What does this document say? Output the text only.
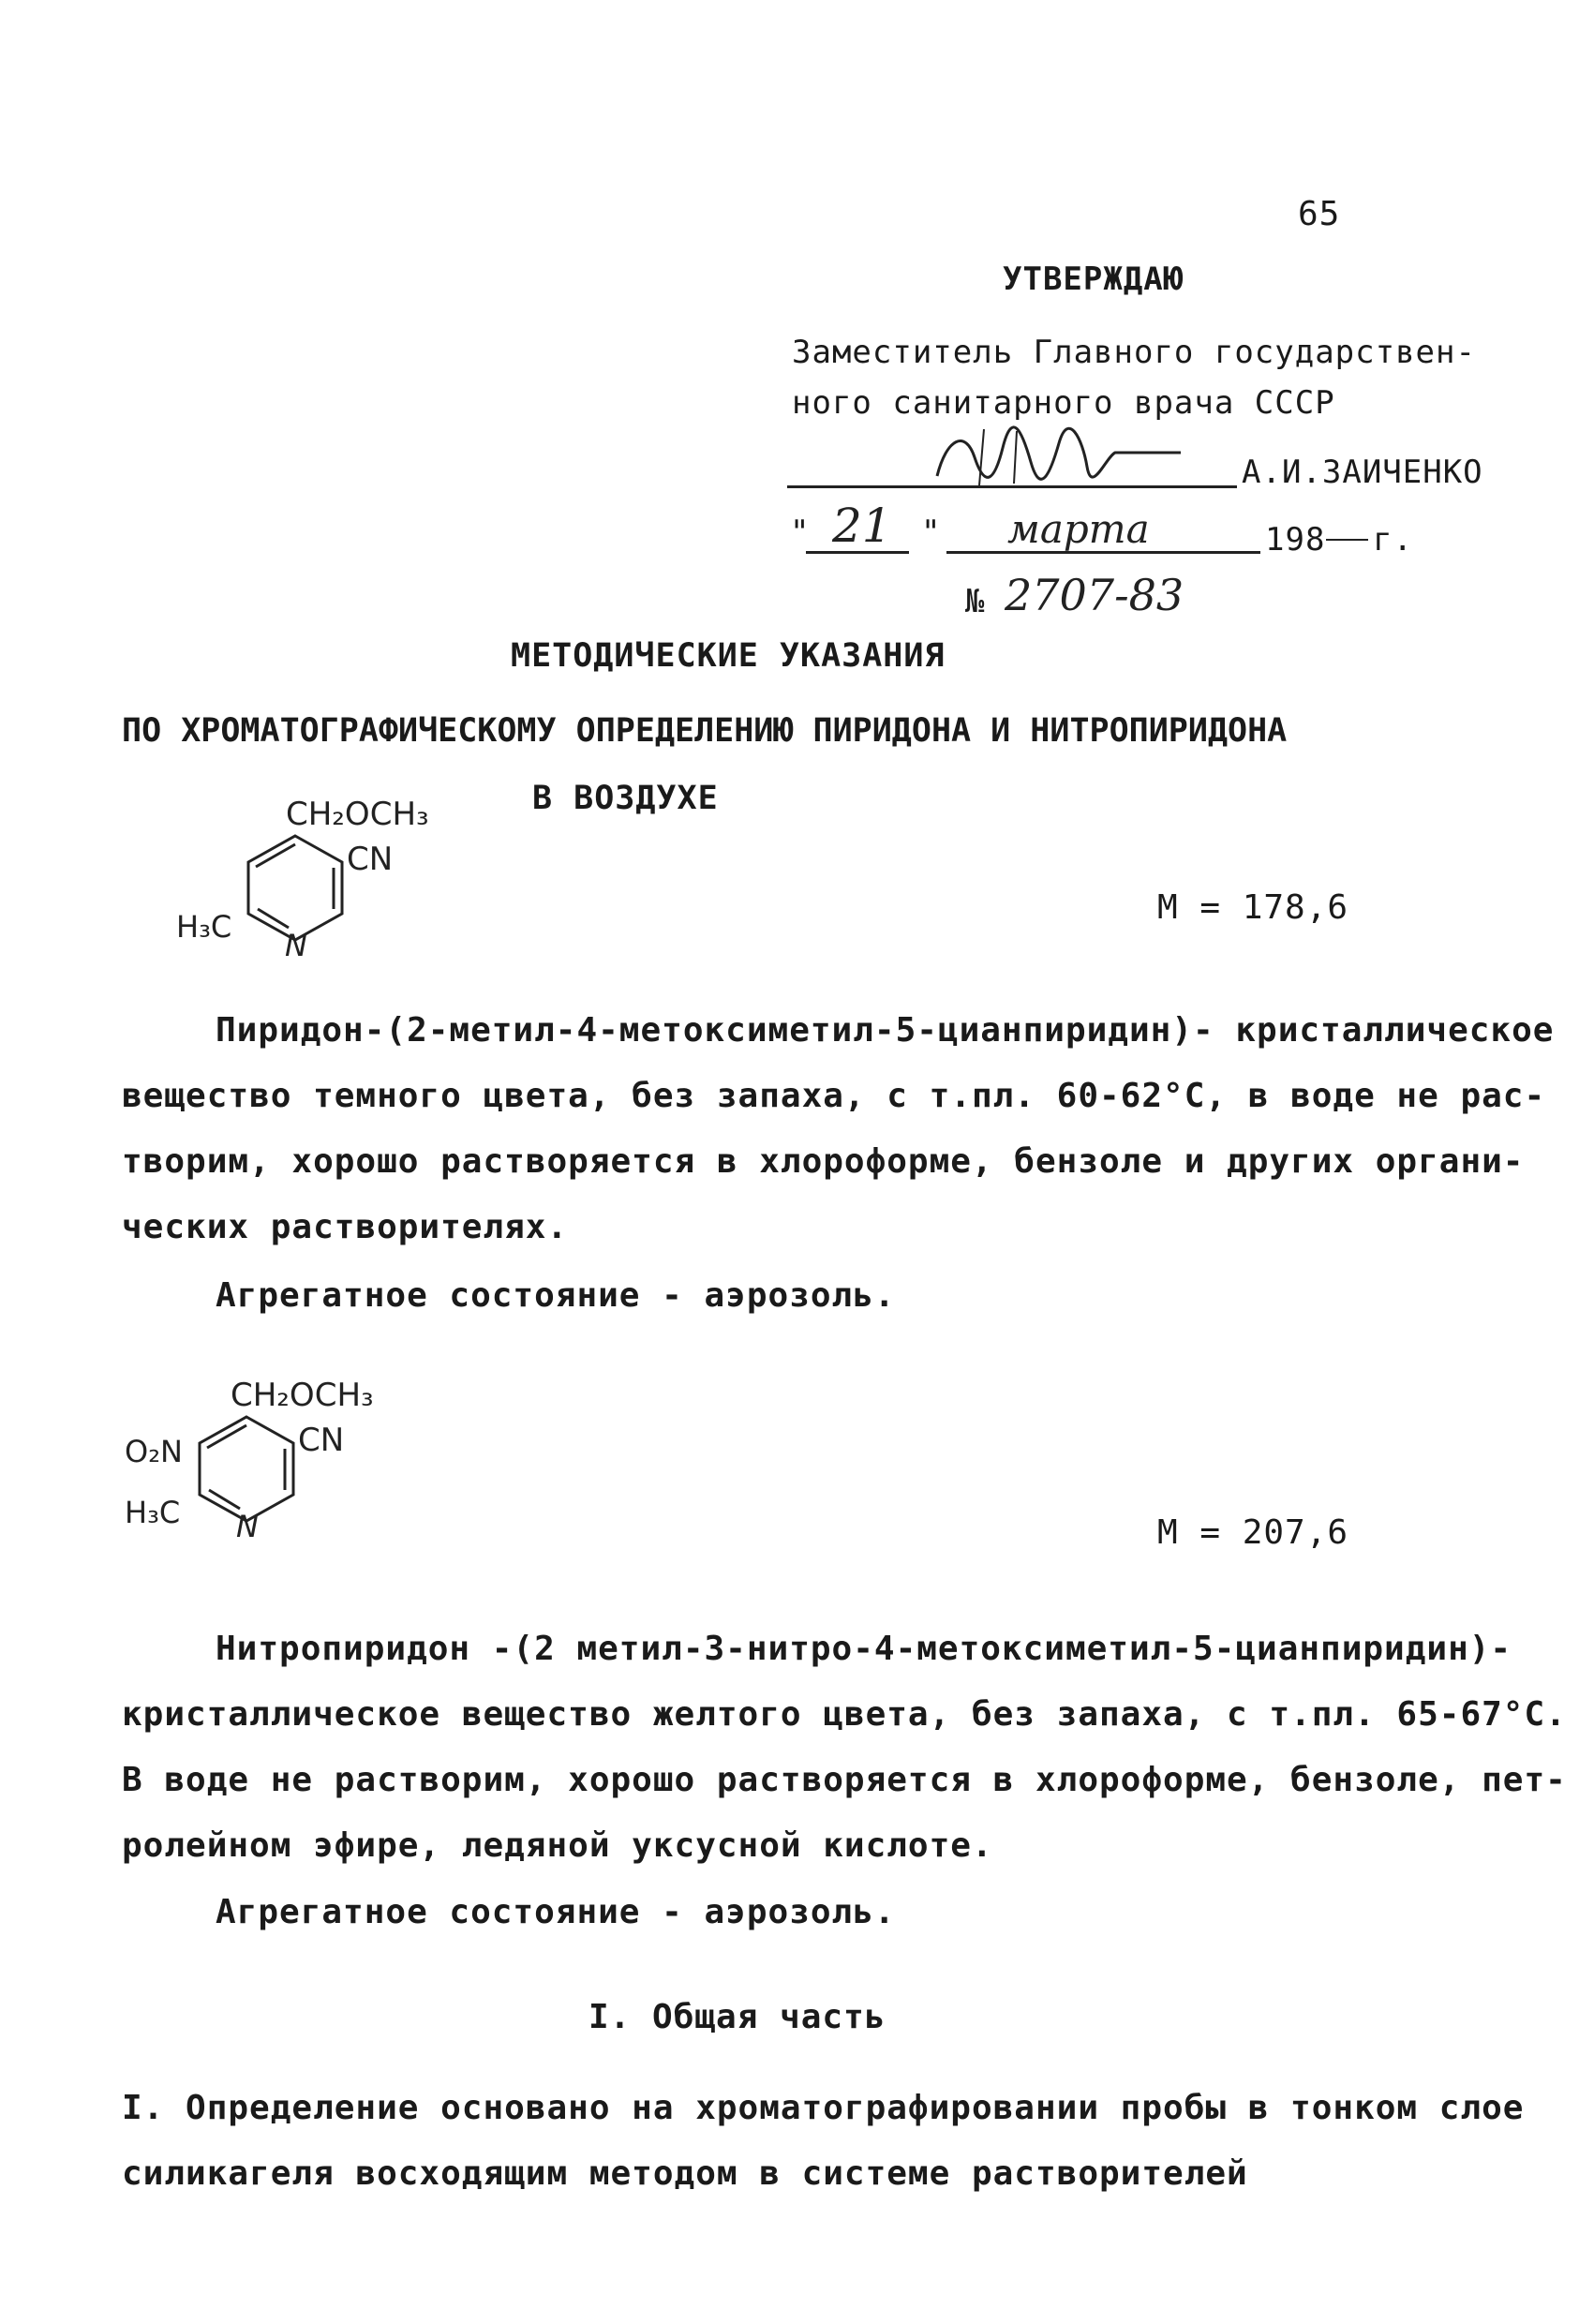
65
УТВЕРЖДАЮ
Заместитель Главного государствен-
ного санитарного врача СССР
А.И.ЗАИЧЕНКО
" 21 " марта	198 г.
№ 2707-83
МЕТОДИЧЕСКИЕ УКАЗАНИЯ
ПО ХРОМАТОГРАФИЧЕСКОМУ ОПРЕДЕЛЕНИЮ ПИРИДОНА И НИТРОПИРИДОНА
В ВОЗДУХЕ
CH₂OCH₃
CN
H₃C
N
М = 178,6

Пиридон-(2-метил-4-метоксиметил-5-цианпиридин)- кристаллическое

вещество темного цвета, без запаха, с т.пл. 60-62°С, в воде не рас-

творим, хорошо растворяется в хлороформе, бензоле и других органи-

ческих растворителях.

Агрегатное состояние - аэрозоль.
CH₂OCH₃
CN
O₂N
H₃C N	М = 207,6

Нитропиридон -(2 метил-3-нитро-4-метоксиметил-5-цианпиридин)-

кристаллическое вещество желтого цвета, без запаха, с т.пл. 65-67°С.

В воде не растворим, хорошо растворяется в хлороформе, бензоле, пет-

ролейном эфире, ледяной уксусной кислоте.

Агрегатное состояние - аэрозоль.
I. Общая часть

I. Определение основано на хроматографировании пробы в тонком слое

силикагеля восходящим методом в системе растворителей
